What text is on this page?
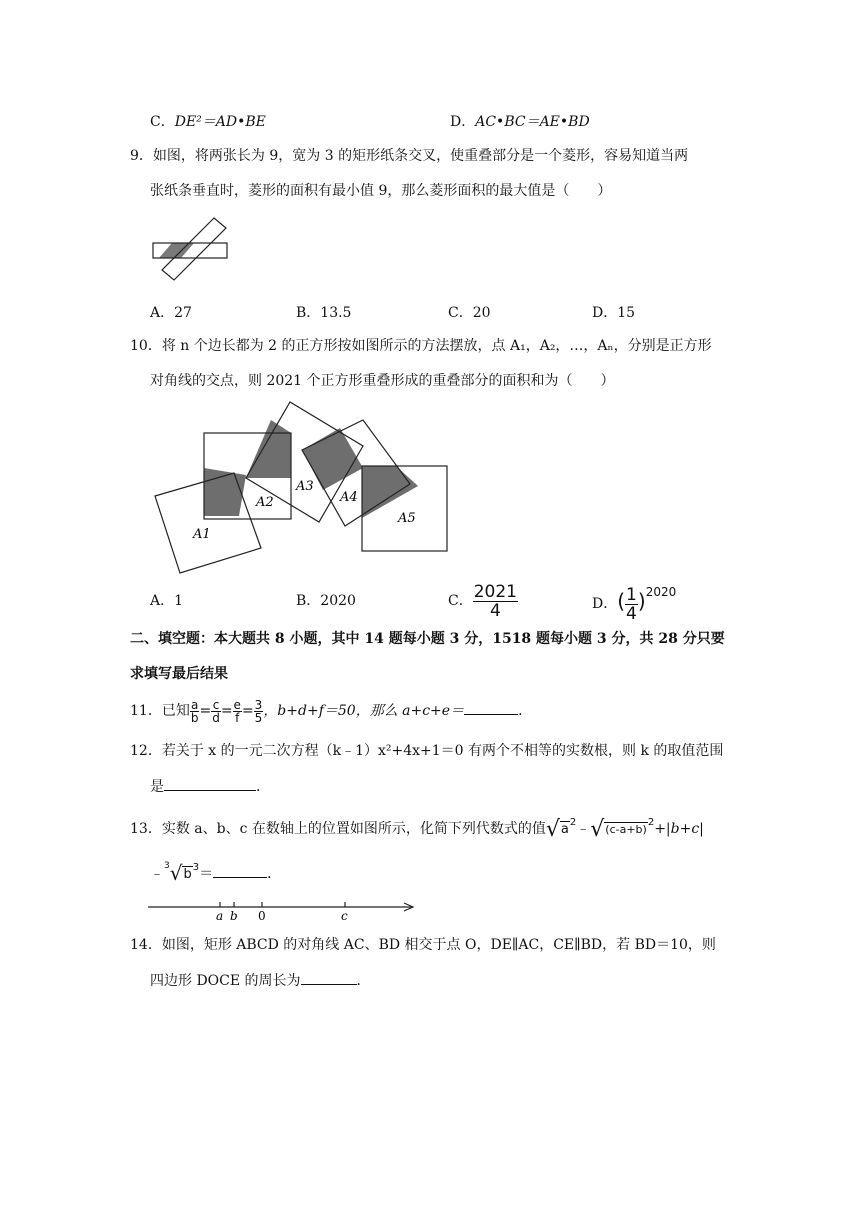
C．DE²＝AD•BE	D．AC•BC＝AE•BD
9．如图，将两张长为 9，宽为 3 的矩形纸条交叉，使重叠部分是一个菱形，容易知道当两
张纸条垂直时，菱形的面积有最小值 9，那么菱形面积的最大值是（　　）
A．27	B．13.5	C．20	D．15
10．将 n 个边长都为 2 的正方形按如图所示的方法摆放，点 A₁，A₂，…，Aₙ，分别是正方形
对角线的交点，则 2021 个正方形重叠形成的重叠部分的面积和为（　　）
A1
A2
A3
A4
A5
A．1	B．2020	C． $\frac{2021}{4}$	D．( $\frac{1}{4} )2020$
二、填空题：本大题共 8 小题，其中 14 题每小题 3 分，1518 题每小题 3 分，共 28 分只要
求填写最后结果
11．已知 $\frac{a}{b} = \frac{c}{d} = \frac{e}{f} = \frac{3}{5}$ ，b+d+f＝50，那么 a+c+e＝	．
12．若关于 x 的一元二次方程（k﹣1）x²+4x+1＝0 有两个不相等的实数根，则 k 的取值范围
是	．
13．实数 a、b、c 在数轴上的位置如图所示，化简下列代数式的值$√a^2﹣√(c-a+b)^2+|b+c|$
$﹣^3√b^3=$	．
a b 0	c
14．如图，矩形 ABCD 的对角线 AC、BD 相交于点 O，DE∥AC，CE∥BD，若 BD＝10，则
四边形 DOCE 的周长为	．
